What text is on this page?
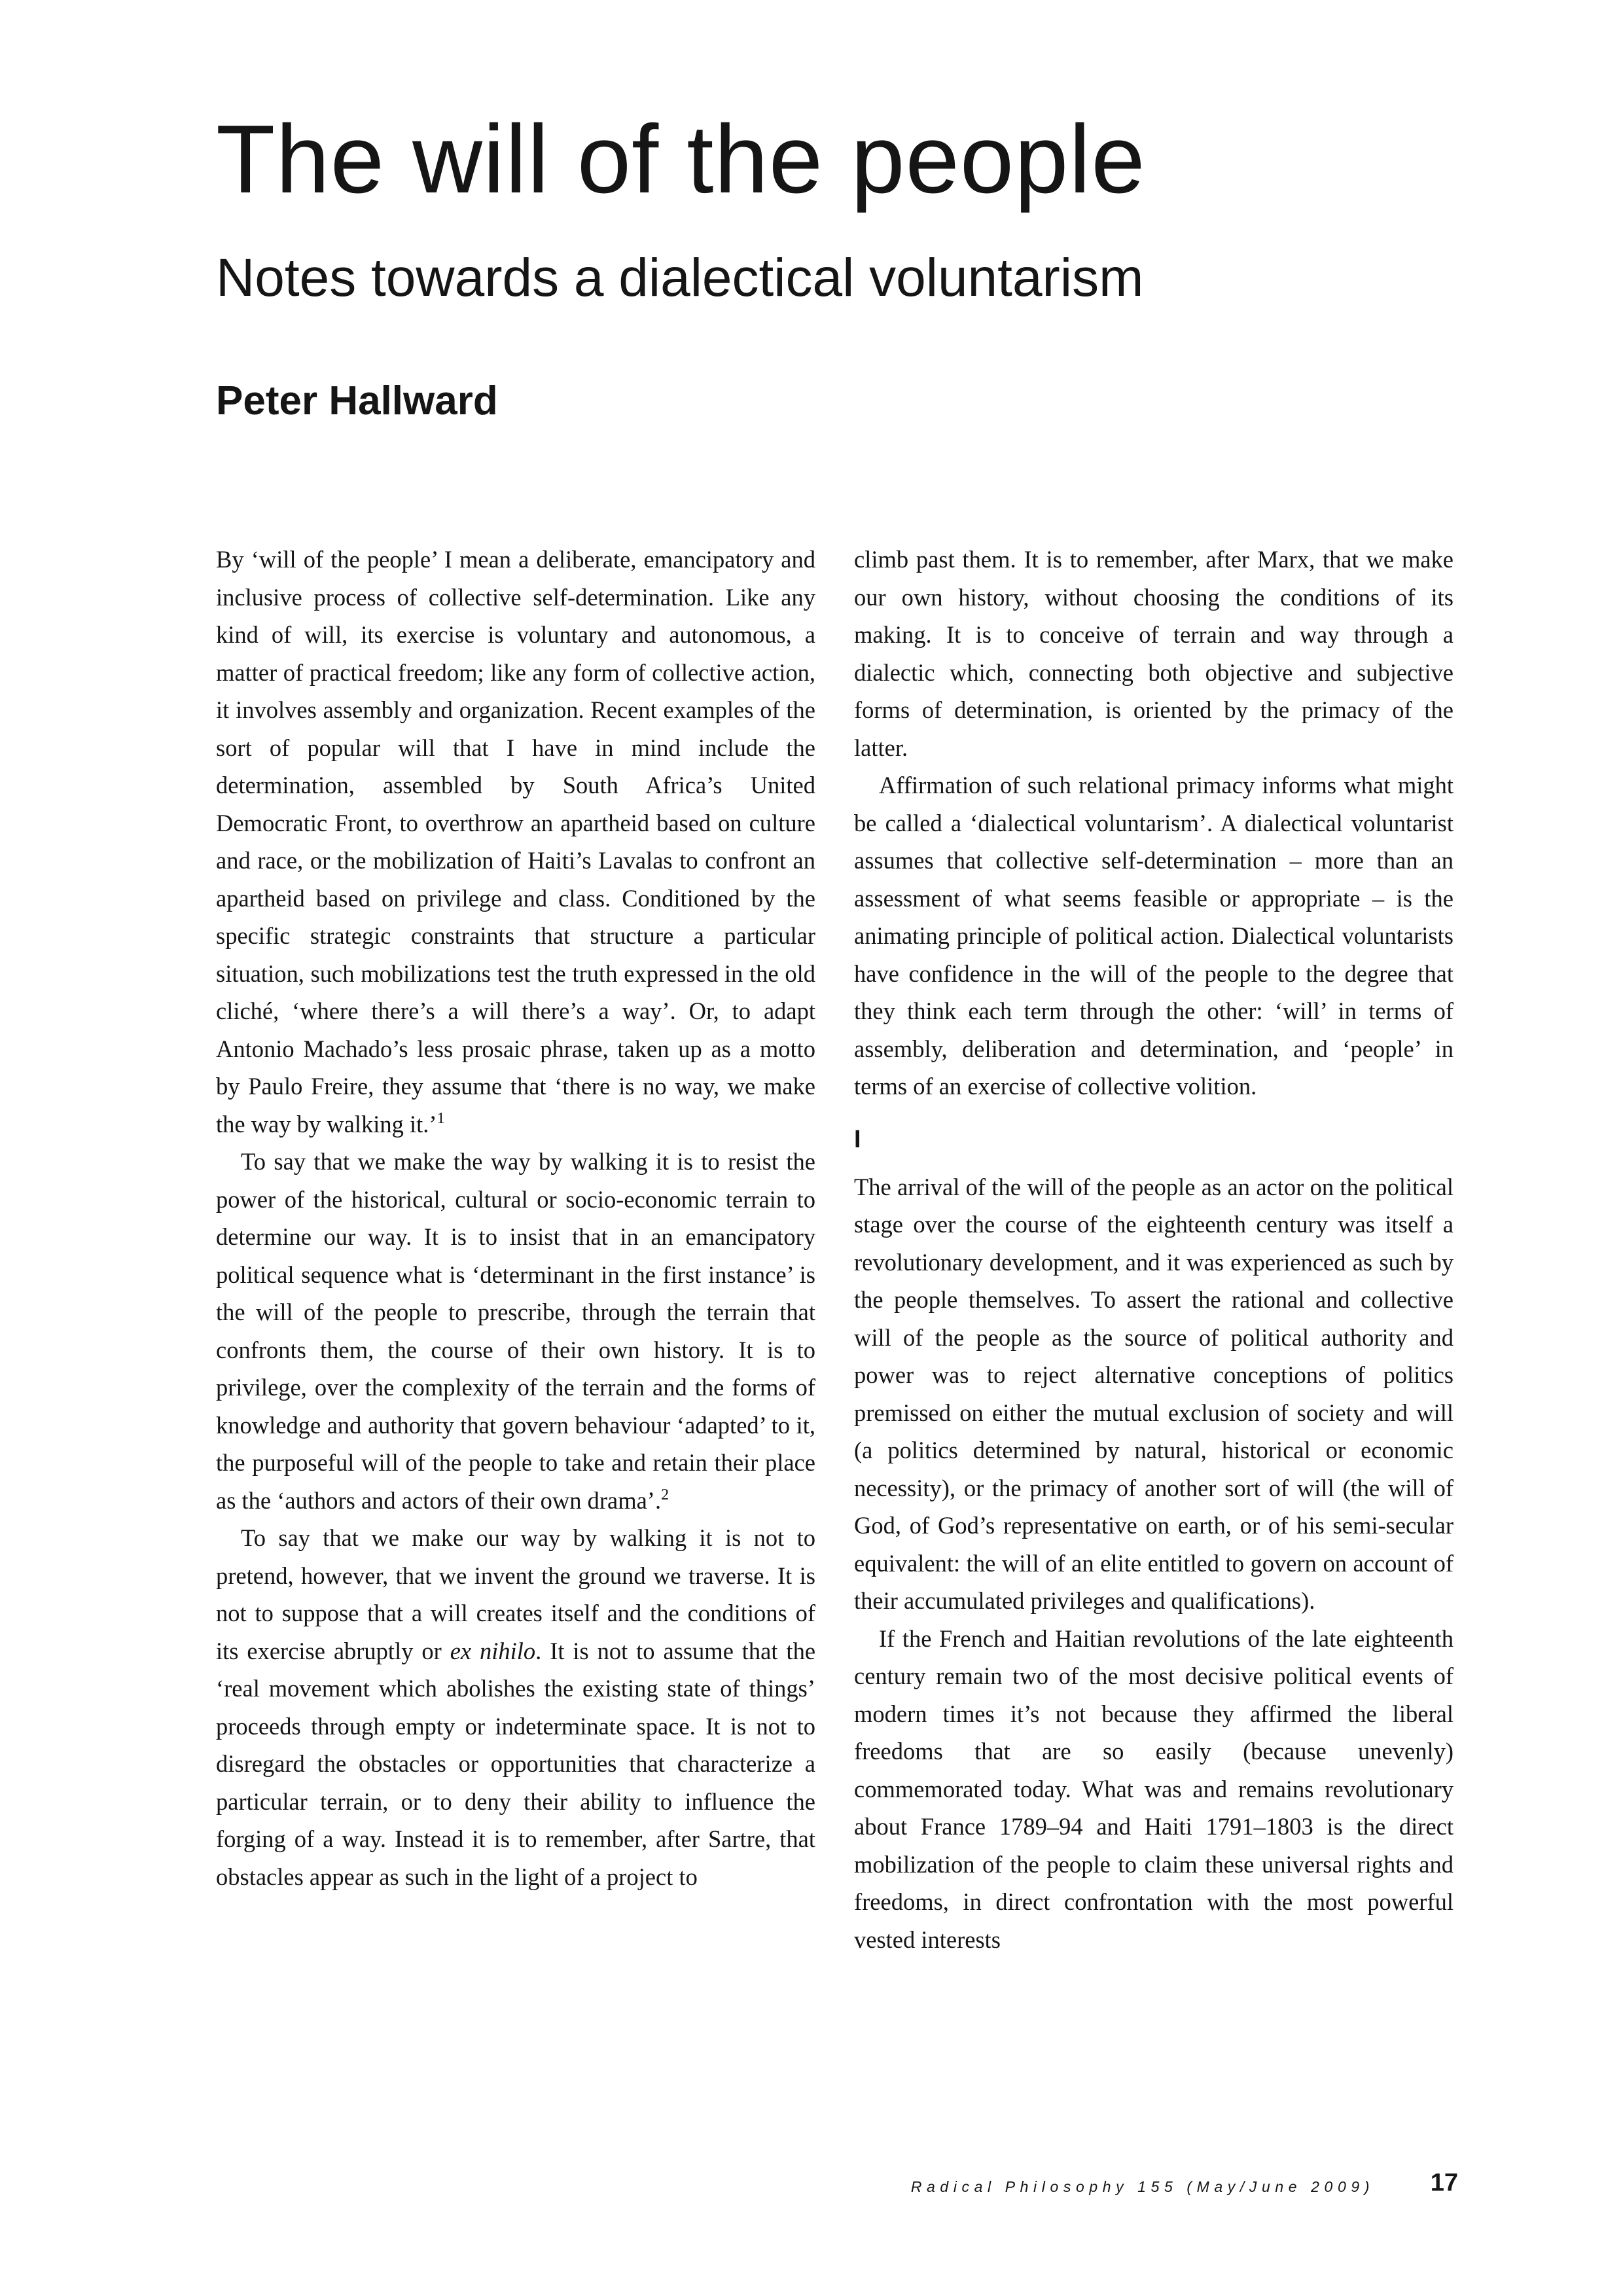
The will of the people
Notes towards a dialectical voluntarism
Peter Hallward

By ‘will of the people’ I mean a deliberate, emancipatory and inclusive process of collective self-determination. Like any kind of will, its exercise is voluntary and autonomous, a matter of practical freedom; like any form of collective action, it involves assembly and organization. Recent examples of the sort of popular will that I have in mind include the determination, assembled by South Africa’s United Democratic Front, to overthrow an apartheid based on culture and race, or the mobilization of Haiti’s Lavalas to confront an apartheid based on privilege and class. Conditioned by the specific strategic constraints that structure a particular situation, such mobilizations test the truth expressed in the old cliché, ‘where there’s a will there’s a way’. Or, to adapt Antonio Machado’s less prosaic phrase, taken up as a motto by Paulo Freire, they assume that ‘there is no way, we make the way by walking it.’$^1$

To say that we make the way by walking it is to resist the power of the historical, cultural or socio-economic terrain to determine our way. It is to insist that in an emancipatory political sequence what is ‘determinant in the first instance’ is the will of the people to prescribe, through the terrain that confronts them, the course of their own history. It is to privilege, over the complexity of the terrain and the forms of knowledge and authority that govern behaviour ‘adapted’ to it, the purposeful will of the people to take and retain their place as the ‘authors and actors of their own drama’.$^2$

To say that we make our way by walking it is not to pretend, however, that we invent the ground we traverse. It is not to suppose that a will creates itself and the conditions of its exercise abruptly or ex nihilo. It is not to assume that the ‘real movement which abolishes the existing state of things’ proceeds through empty or indeterminate space. It is not to disregard the obstacles or opportunities that characterize a particular terrain, or to deny their ability to influence the forging of a way. Instead it is to remember, after Sartre, that obstacles appear as such in the light of a project to

climb past them. It is to remember, after Marx, that we make our own history, without choosing the conditions of its making. It is to conceive of terrain and way through a dialectic which, connecting both objective and subjective forms of determination, is oriented by the primacy of the latter.

Affirmation of such relational primacy informs what might be called a ‘dialectical voluntarism’. A dialectical voluntarist assumes that collective self-determination – more than an assessment of what seems feasible or appropriate – is the animating principle of political action. Dialectical voluntarists have confidence in the will of the people to the degree that they think each term through the other: ‘will’ in terms of assembly, deliberation and determination, and ‘people’ in terms of an exercise of collective volition.

I

The arrival of the will of the people as an actor on the political stage over the course of the eighteenth century was itself a revolutionary development, and it was experienced as such by the people themselves. To assert the rational and collective will of the people as the source of political authority and power was to reject alternative conceptions of politics premissed on either the mutual exclusion of society and will (a politics determined by natural, historical or economic necessity), or the primacy of another sort of will (the will of God, of God’s representative on earth, or of his semi-secular equivalent: the will of an elite entitled to govern on account of their accumulated privileges and qualifications).

If the French and Haitian revolutions of the late eighteenth century remain two of the most decisive political events of modern times it’s not because they affirmed the liberal freedoms that are so easily (because unevenly) commemorated today. What was and remains revolutionary about France 1789–94 and Haiti 1791–1803 is the direct mobilization of the people to claim these universal rights and freedoms, in direct confrontation with the most powerful vested interests

Radical Philosophy 155 (May/June 2009) 17
